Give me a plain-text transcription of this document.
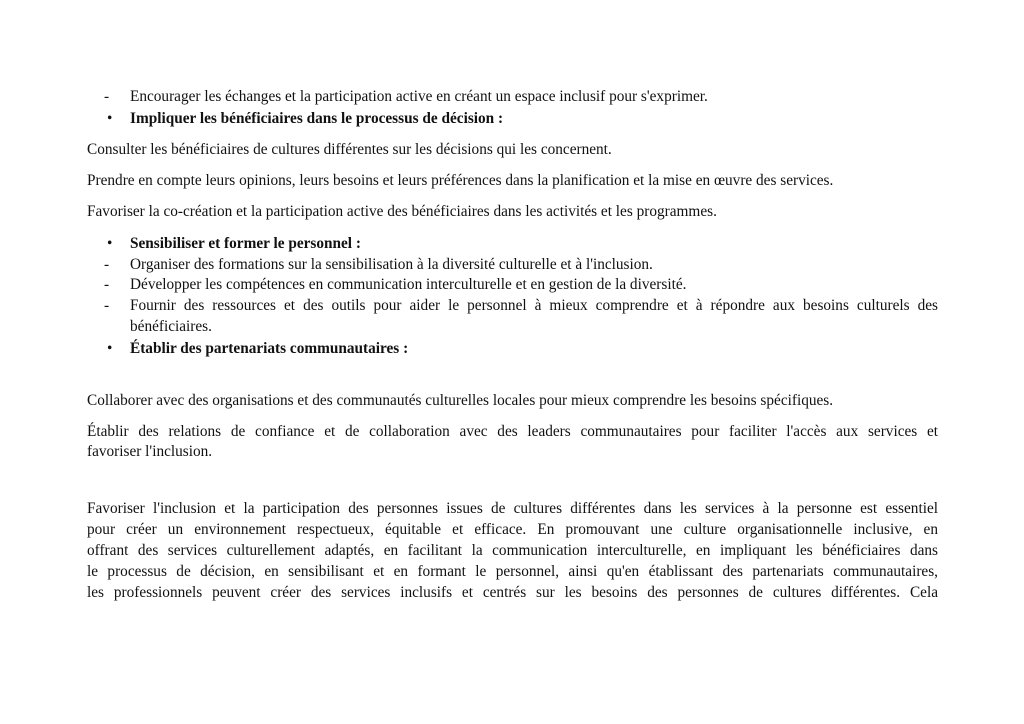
- Encourager les échanges et la participation active en créant un espace inclusif pour s'exprimer.
• Impliquer les bénéficiaires dans le processus de décision :
Consulter les bénéficiaires de cultures différentes sur les décisions qui les concernent.
Prendre en compte leurs opinions, leurs besoins et leurs préférences dans la planification et la mise en œuvre des services.
Favoriser la co-création et la participation active des bénéficiaires dans les activités et les programmes.
• Sensibiliser et former le personnel :
- Organiser des formations sur la sensibilisation à la diversité culturelle et à l'inclusion.
- Développer les compétences en communication interculturelle et en gestion de la diversité.
- Fournir des ressources et des outils pour aider le personnel à mieux comprendre et à répondre aux besoins culturels des
bénéficiaires.
• Établir des partenariats communautaires :
Collaborer avec des organisations et des communautés culturelles locales pour mieux comprendre les besoins spécifiques.
Établir des relations de confiance et de collaboration avec des leaders communautaires pour faciliter l'accès aux services et
favoriser l'inclusion.
Favoriser l'inclusion et la participation des personnes issues de cultures différentes dans les services à la personne est essentiel
pour créer un environnement respectueux, équitable et efficace. En promouvant une culture organisationnelle inclusive, en
offrant des services culturellement adaptés, en facilitant la communication interculturelle, en impliquant les bénéficiaires dans
le processus de décision, en sensibilisant et en formant le personnel, ainsi qu'en établissant des partenariats communautaires,
les professionnels peuvent créer des services inclusifs et centrés sur les besoins des personnes de cultures différentes. Cela
